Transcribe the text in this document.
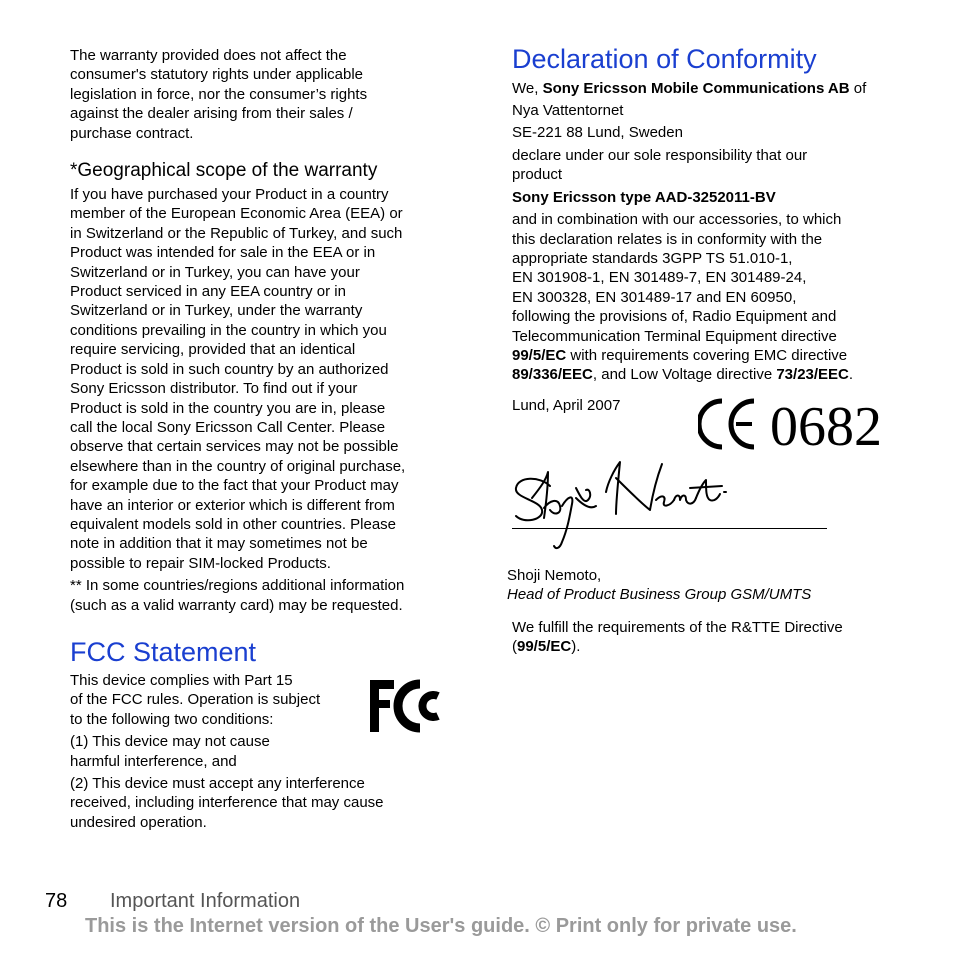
The warranty provided does not affect the
consumer's statutory rights under applicable
legislation in force, nor the consumer’s rights
against the dealer arising from their sales /
purchase contract.

*Geographical scope of the warranty

If you have purchased your Product in a country
member of the European Economic Area (EEA) or
in Switzerland or the Republic of Turkey, and such
Product was intended for sale in the EEA or in
Switzerland or in Turkey, you can have your
Product serviced in any EEA country or in
Switzerland or in Turkey, under the warranty
conditions prevailing in the country in which you
require servicing, provided that an identical
Product is sold in such country by an authorized
Sony Ericsson distributor. To find out if your
Product is sold in the country you are in, please
call the local Sony Ericsson Call Center. Please
observe that certain services may not be possible
elsewhere than in the country of original purchase,
for example due to the fact that your Product may
have an interior or exterior which is different from
equivalent models sold in other countries. Please
note in addition that it may sometimes not be
possible to repair SIM-locked Products.

** In some countries/regions additional information
(such as a valid warranty card) may be requested.

FCC Statement

This device complies with Part 15
of the FCC rules. Operation is subject
to the following two conditions:

(1) This device may not cause
harmful interference, and

(2) This device must accept any interference
received, including interference that may cause
undesired operation.

Declaration of Conformity

We, Sony Ericsson Mobile Communications AB of

Nya Vattentornet

SE-221 88 Lund, Sweden

declare under our sole responsibility that our
product

Sony Ericsson type AAD-3252011-BV

and in combination with our accessories, to which
this declaration relates is in conformity with the
appropriate standards 3GPP TS 51.010-1,
EN 301908-1, EN 301489-7, EN 301489-24,
EN 300328, EN 301489-17 and EN 60950,
following the provisions of, Radio Equipment and
Telecommunication Terminal Equipment directive
99/5/EC with requirements covering EMC directive
89/336/EEC, and Low Voltage directive 73/23/EEC.

Lund, April 2007	0682

Shoji Nemoto,

Head of Product Business Group GSM/UMTS

We fulfill the requirements of the R&TTE Directive
(99/5/EC).

78 Important Information
This is the Internet version of the User's guide. © Print only for private use.
